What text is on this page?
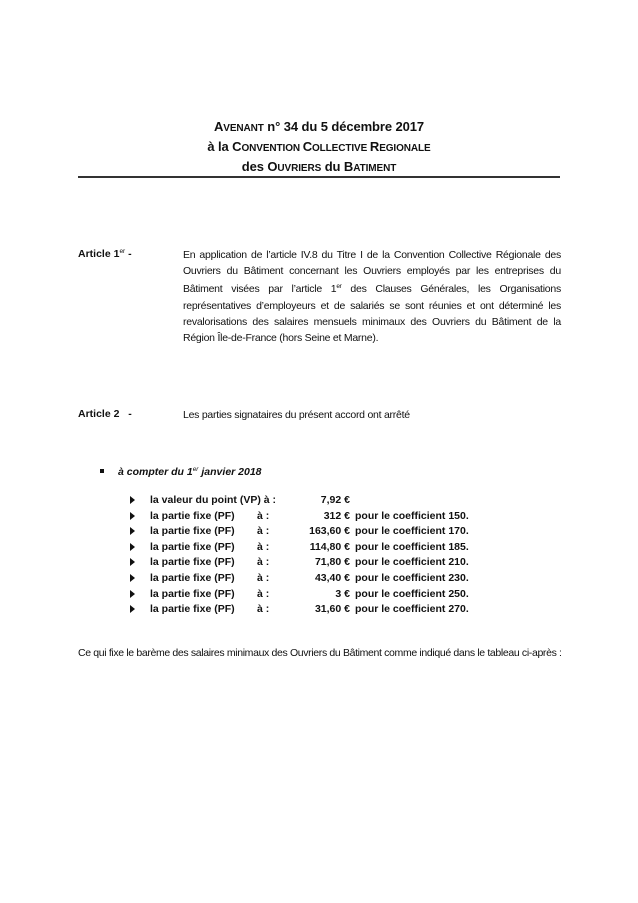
AVENANT n° 34 du 5 décembre 2017
à la CONVENTION COLLECTIVE REGIONALE
des OUVRIERS du BATIMENT
Article 1er -	En application de l’article IV.8 du Titre I de la Convention Collective Régionale des Ouvriers du Bâtiment concernant les Ouvriers employés par les entreprises du Bâtiment visées par l’article 1er des Clauses Générales, les Organisations représentatives d’employeurs et de salariés se sont réunies et ont déterminé les revalorisations des salaires mensuels minimaux des Ouvriers du Bâtiment de la Région Île-de-France (hors Seine et Marne).
Article 2   -	Les parties signataires du présent accord ont arrêté
à compter du 1er janvier 2018
la valeur du point (VP) à :	7,92 €
la partie fixe (PF) à :	312 € pour le coefficient 150.
la partie fixe (PF) à :	163,60 € pour le coefficient 170.
la partie fixe (PF) à :	114,80 € pour le coefficient 185.
la partie fixe (PF) à :	71,80 € pour le coefficient 210.
la partie fixe (PF) à :	43,40 € pour le coefficient 230.
la partie fixe (PF) à :	3 € pour le coefficient 250.
la partie fixe (PF) à :	31,60 € pour le coefficient 270.
Ce qui fixe le barème des salaires minimaux des Ouvriers du Bâtiment comme indiqué dans le tableau ci-après :
